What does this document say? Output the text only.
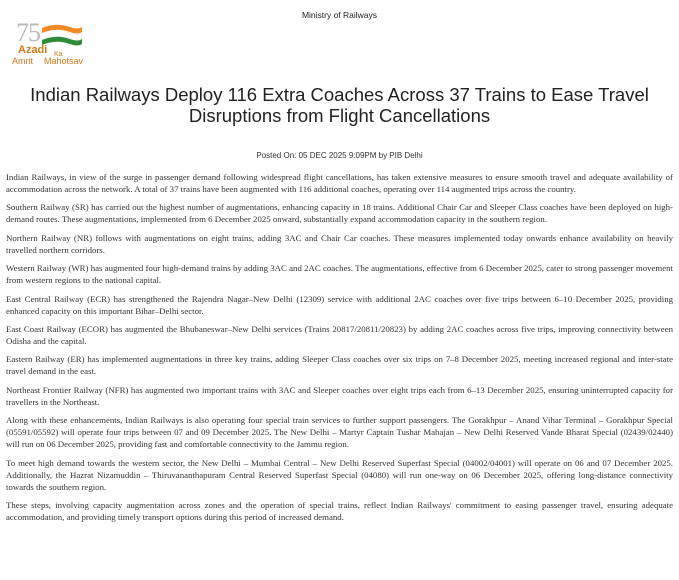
Ministry of Railways
75
Azadi Ka
Amrit Mahotsav
Indian Railways Deploy 116 Extra Coaches Across 37 Trains to Ease Travel Disruptions from Flight Cancellations
Posted On: 05 DEC 2025 9:09PM by PIB Delhi

Indian Railways, in view of the surge in passenger demand following widespread flight cancellations, has taken extensive measures to ensure smooth travel and adequate availability of accommodation across the network. A total of 37 trains have been augmented with 116 additional coaches, operating over 114 augmented trips across the country.

Southern Railway (SR) has carried out the highest number of augmentations, enhancing capacity in 18 trains. Additional Chair Car and Sleeper Class coaches have been deployed on high-demand routes. These augmentations, implemented from 6 December 2025 onward, substantially expand accommodation capacity in the southern region.

Northern Railway (NR) follows with augmentations on eight trains, adding 3AC and Chair Car coaches. These measures implemented today onwards enhance availability on heavily travelled northern corridors.

Western Railway (WR) has augmented four high-demand trains by adding 3AC and 2AC coaches. The augmentations, effective from 6 December 2025, cater to strong passenger movement from western regions to the national capital.

East Central Railway (ECR) has strengthened the Rajendra Nagar–New Delhi (12309) service with additional 2AC coaches over five trips between 6–10 December 2025, providing enhanced capacity on this important Bihar–Delhi sector.

East Coast Railway (ECOR) has augmented the Bhubaneswar–New Delhi services (Trains 20817/20811/20823) by adding 2AC coaches across five trips, improving connectivity between Odisha and the capital.

Eastern Railway (ER) has implemented augmentations in three key trains, adding Sleeper Class coaches over six trips on 7–8 December 2025, meeting increased regional and inter-state travel demand in the east.

Northeast Frontier Railway (NFR) has augmented two important trains with 3AC and Sleeper coaches over eight trips each from 6–13 December 2025, ensuring uninterrupted capacity for travellers in the Northeast.

Along with these enhancements, Indian Railways is also operating four special train services to further support passengers. The Gorakhpur – Anand Vihar Terminal – Gorakhpur Special (05591/05592) will operate four trips between 07 and 09 December 2025. The New Delhi – Martyr Captain Tushar Mahajan – New Delhi Reserved Vande Bharat Special (02439/02440) will run on 06 December 2025, providing fast and comfortable connectivity to the Jammu region.

To meet high demand towards the western sector, the New Delhi – Mumbai Central – New Delhi Reserved Superfast Special (04002/04001) will operate on 06 and 07 December 2025. Additionally, the Hazrat Nizamuddin – Thiruvananthapuram Central Reserved Superfast Special (04080) will run one-way on 06 December 2025, offering long-distance connectivity towards the southern region.

These steps, involving capacity augmentation across zones and the operation of special trains, reflect Indian Railways' commitment to easing passenger travel, ensuring adequate accommodation, and providing timely transport options during this period of increased demand.
